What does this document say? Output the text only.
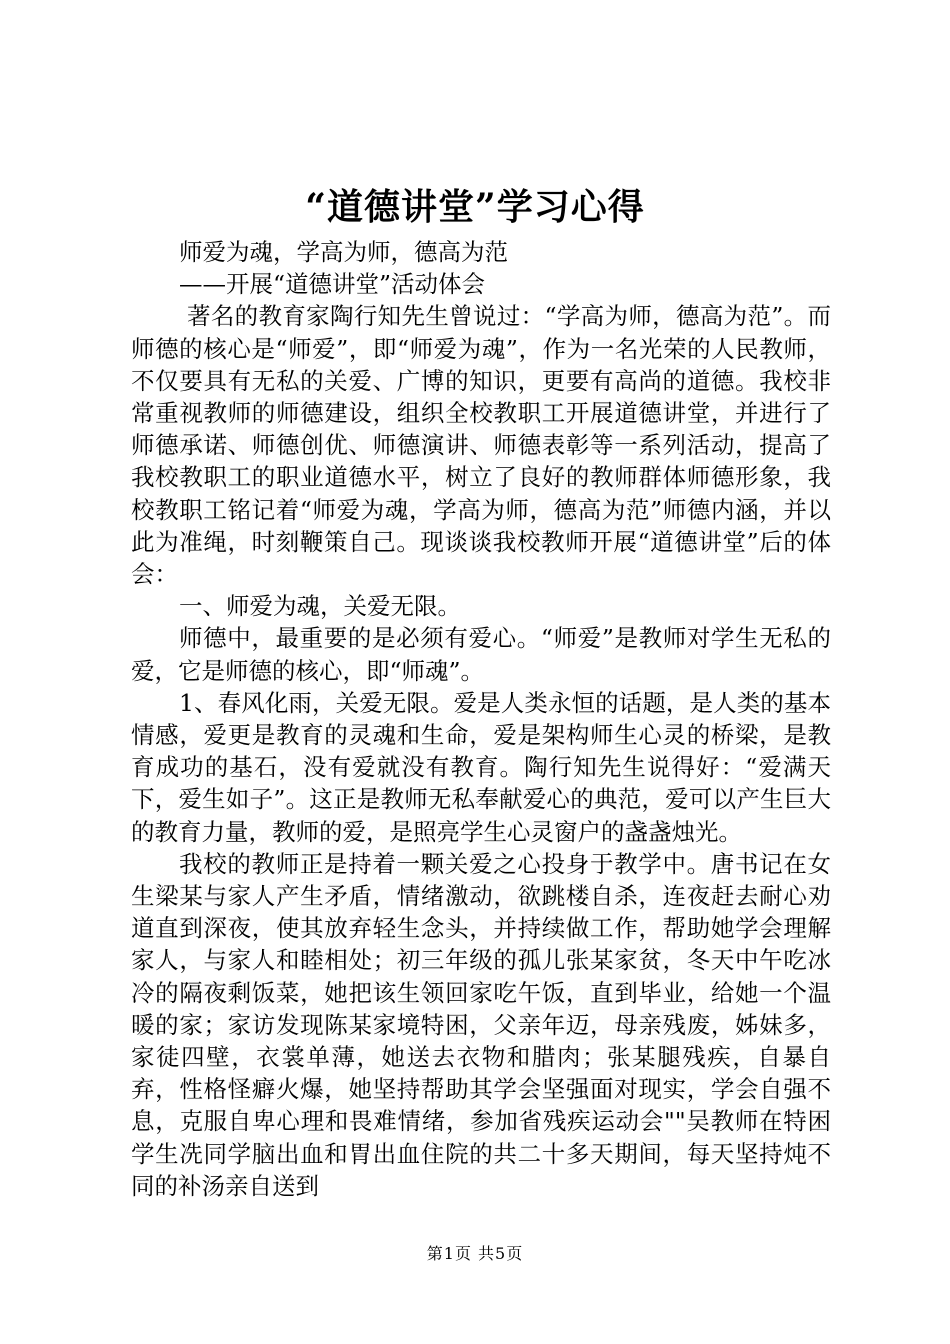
“道德讲堂”学习心得

师爱为魂，学高为师，德高为范

——开展“道德讲堂”活动体会

著名的教育家陶行知先生曾说过：“学高为师，德高为范”。而师德的核心是“师爱”，即“师爱为魂”，作为一名光荣的人民教师，不仅要具有无私的关爱、广博的知识，更要有高尚的道德。我校非常重视教师的师德建设，组织全校教职工开展道德讲堂，并进行了师德承诺、师德创优、师德演讲、师德表彰等一系列活动，提高了我校教职工的职业道德水平，树立了良好的教师群体师德形象，我校教职工铭记着“师爱为魂，学高为师，德高为范”师德内涵，并以此为准绳，时刻鞭策自己。现谈谈我校教师开展“道德讲堂”后的体会：

一、师爱为魂，关爱无限。

师德中，最重要的是必须有爱心。“师爱”是教师对学生无私的爱，它是师德的核心，即“师魂”。

1、春风化雨，关爱无限。爱是人类永恒的话题，是人类的基本情感，爱更是教育的灵魂和生命，爱是架构师生心灵的桥梁，是教育成功的基石，没有爱就没有教育。陶行知先生说得好：“爱满天下，爱生如子”。这正是教师无私奉献爱心的典范，爱可以产生巨大的教育力量，教师的爱，是照亮学生心灵窗户的盏盏烛光。

我校的教师正是持着一颗关爱之心投身于教学中。唐书记在女生梁某与家人产生矛盾，情绪激动，欲跳楼自杀，连夜赶去耐心劝道直到深夜，使其放弃轻生念头，并持续做工作，帮助她学会理解家人，与家人和睦相处；初三年级的孤儿张某家贫，冬天中午吃冰冷的隔夜剩饭菜，她把该生领回家吃午饭，直到毕业，给她一个温暖的家；家访发现陈某家境特困，父亲年迈，母亲残废，姊妹多，家徒四壁，衣裳单薄，她送去衣物和腊肉；张某腿残疾，自暴自弃，性格怪癖火爆，她坚持帮助其学会坚强面对现实，学会自强不息，克服自卑心理和畏难情绪，参加省残疾运动会""吴教师在特困学生冼同学脑出血和胃出血住院的共二十多天期间，每天坚持炖不同的补汤亲自送到

第1页 共5页
